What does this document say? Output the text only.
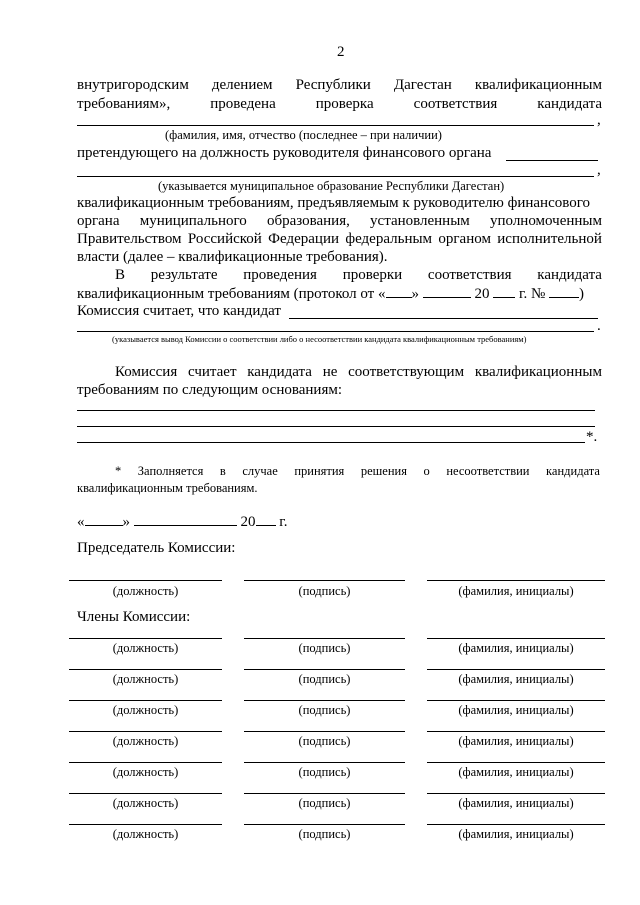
2
внутригородским делением Республики Дагестан квалификационным
требованиям»,	проведена	проверка	соответствия	кандидата
,
(фамилия, имя, отчество (последнее – при наличии)
претендующего на должность руководителя финансового органа
,
(указывается муниципальное образование Республики Дагестан)
квалификационным требованиям, предъявляемым к руководителю финансового
органа муниципального образования, установленным уполномоченным
Правительством Российской Федерации федеральным органом исполнительной
власти (далее – квалификационные требования).
В результате проведения проверки соответствия кандидата
квалификационным требованиям (протокол от « »	20 г. № )
Комиссия считает, что кандидат
.
(указывается вывод Комиссии о соответствии либо о несоответствии кандидата квалификационным требованиям)
Комиссия считает кандидата не соответствующим квалификационным
требованиям по следующим основаниям:
*.
* Заполняется в случае принятия решения о несоответствии кандидата
квалификационным требованиям.
«	»	20 г.
Председатель Комиссии:
(должность)	(подпись)	(фамилия, инициалы)
Члены Комиссии:
(должность)	(подпись)	(фамилия, инициалы)
(должность)	(подпись)	(фамилия, инициалы)
(должность)	(подпись)	(фамилия, инициалы)
(должность)	(подпись)	(фамилия, инициалы)
(должность)	(подпись)	(фамилия, инициалы)
(должность)	(подпись)	(фамилия, инициалы)
(должность)	(подпись)	(фамилия, инициалы)
